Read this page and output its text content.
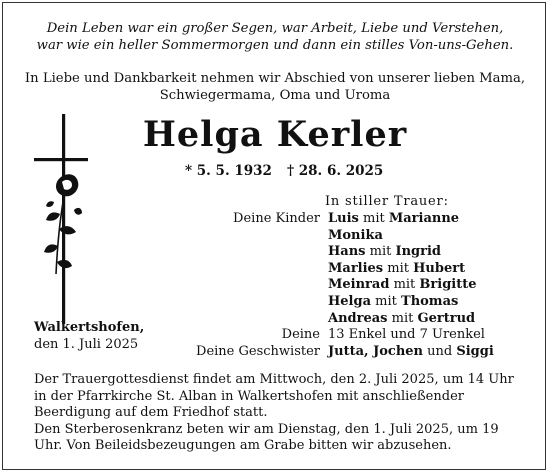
Dein Leben war ein großer Segen, war Arbeit, Liebe und Verstehen,
war wie ein heller Sommermorgen und dann ein stilles Von-uns-Gehen.
In Liebe und Dankbarkeit nehmen wir Abschied von unserer lieben Mama,
Schwiegermama, Oma und Uroma
Helga Kerler
* 5. 5. 1932 † 28. 6. 2025
In stiller Trauer:
Deine Kinder Luis mit Marianne
Monika
Hans mit Ingrid
Marlies mit Hubert
Meinrad mit Brigitte
Helga mit Thomas
Andreas mit Gertrud
13 Enkel und 7 Urenkel
Jutta, Jochen und Siggi
Deine
Deine Geschwister
Walkertshofen,
den 1. Juli 2025

Der Trauergottesdienst findet am Mittwoch, den 2. Juli 2025, um 14 Uhr in der Pfarrkirche St. Alban in Walkertshofen mit anschließender Beerdigung auf dem Friedhof statt.

Den Sterberosenkranz beten wir am Dienstag, den 1. Juli 2025, um 19 Uhr. Von Beileidsbezeugungen am Grabe bitten wir abzusehen.
